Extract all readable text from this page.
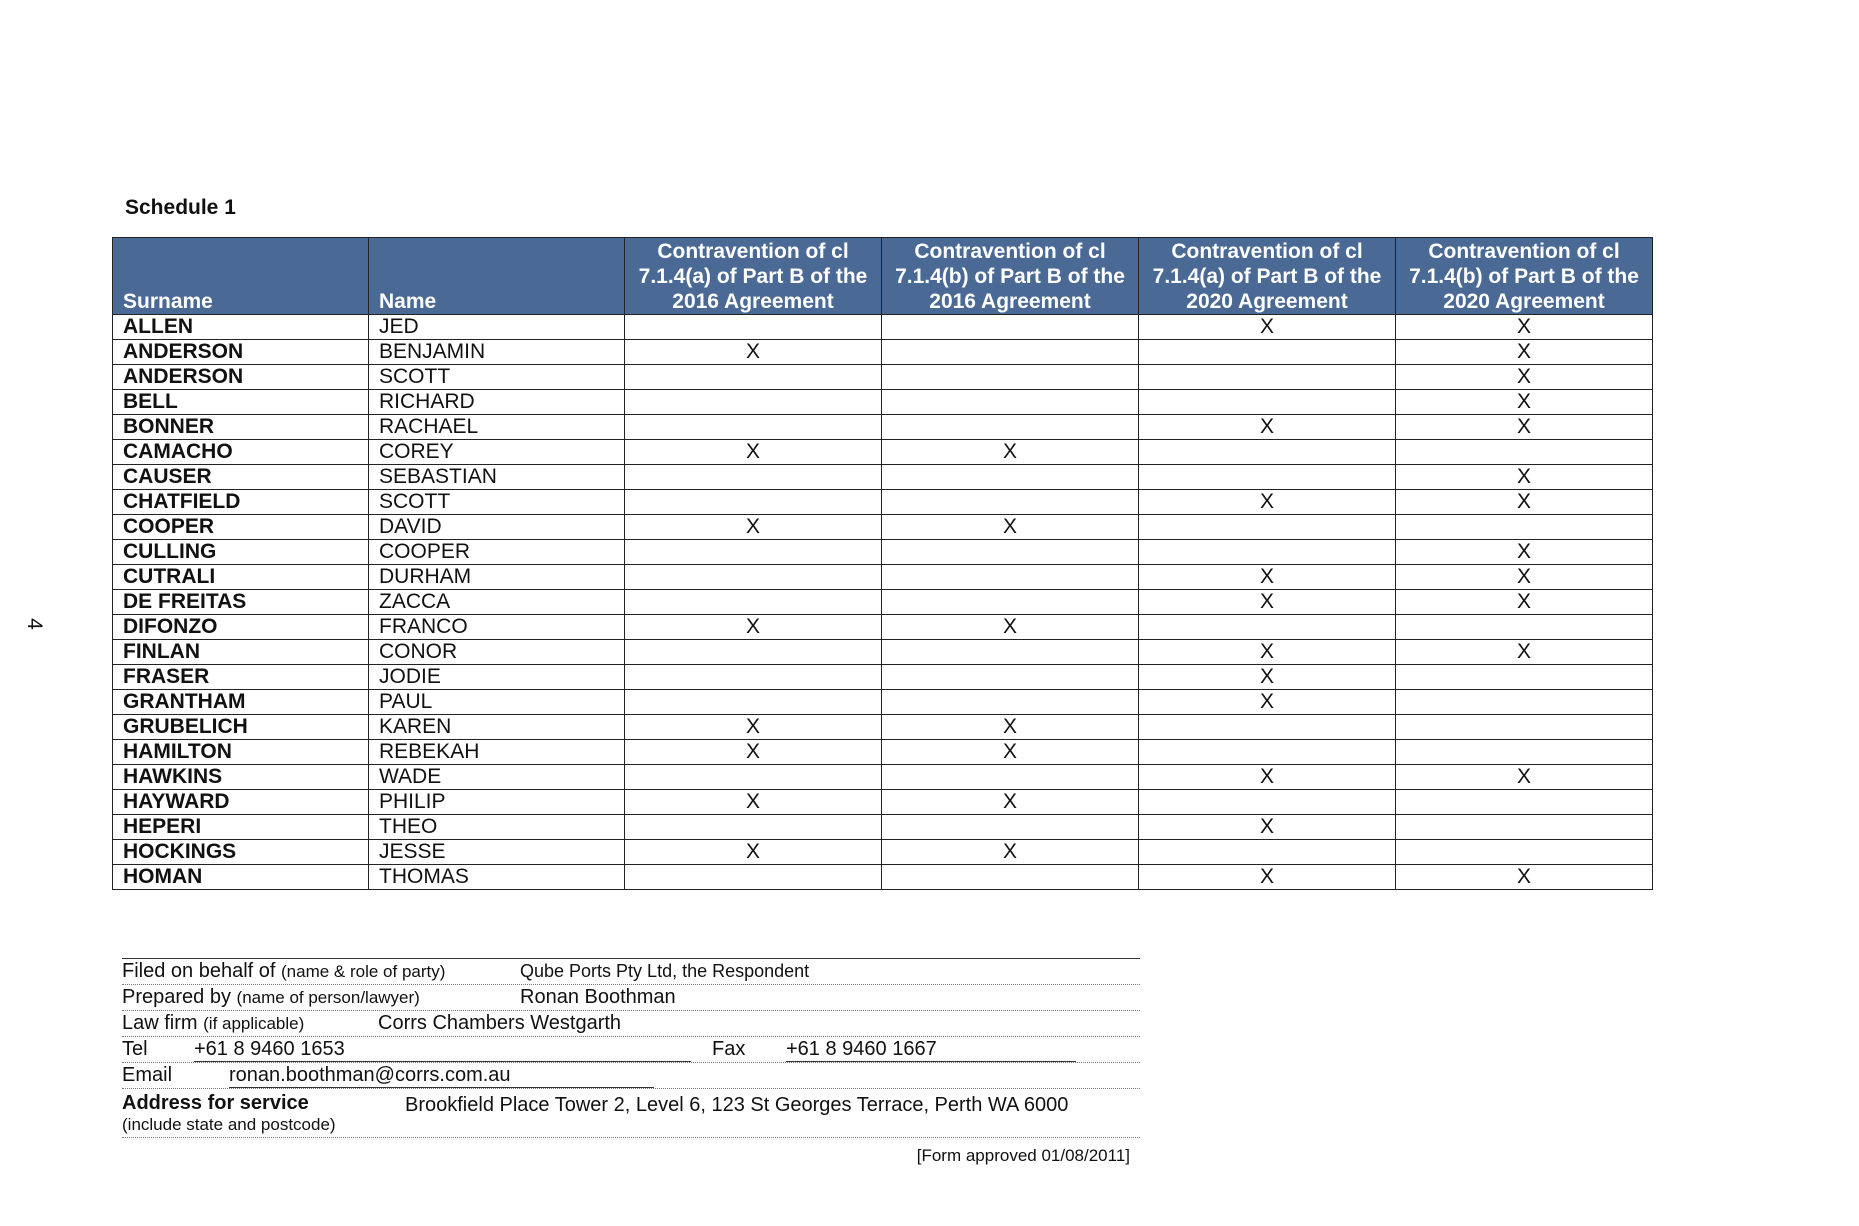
4
Schedule 1
Surname	Name	Contravention of cl 7.1.4(a) of Part B of the 2016 Agreement	Contravention of cl 7.1.4(b) of Part B of the 2016 Agreement	Contravention of cl 7.1.4(a) of Part B of the 2020 Agreement	Contravention of cl 7.1.4(b) of Part B of the 2020 Agreement
ALLEN	JED			X	X
ANDERSON	BENJAMIN	X			X
ANDERSON	SCOTT				X
BELL	RICHARD				X
BONNER	RACHAEL			X	X
CAMACHO	COREY	X	X		
CAUSER	SEBASTIAN				X
CHATFIELD	SCOTT			X	X
COOPER	DAVID	X	X		
CULLING	COOPER				X
CUTRALI	DURHAM			X	X
DE FREITAS	ZACCA			X	X
DIFONZO	FRANCO	X	X		
FINLAN	CONOR			X	X
FRASER	JODIE			X	
GRANTHAM	PAUL			X	
GRUBELICH	KAREN	X	X		
HAMILTON	REBEKAH	X	X		
HAWKINS	WADE			X	X
HAYWARD	PHILIP	X	X		
HEPERI	THEO			X	
HOCKINGS	JESSE	X	X		
HOMAN	THOMAS			X	X
Filed on behalf of (name & role of party)	Qube Ports Pty Ltd, the Respondent
Prepared by (name of person/lawyer)	Ronan Boothman
Law firm (if applicable)	Corrs Chambers Westgarth
Tel +61 8 9460 1653	Fax +61 8 9460 1667
Email	ronan.boothman@corrs.com.au
Address for service
(include state and postcode)
Brookfield Place Tower 2, Level 6, 123 St Georges Terrace, Perth WA 6000
[Form approved 01/08/2011]
